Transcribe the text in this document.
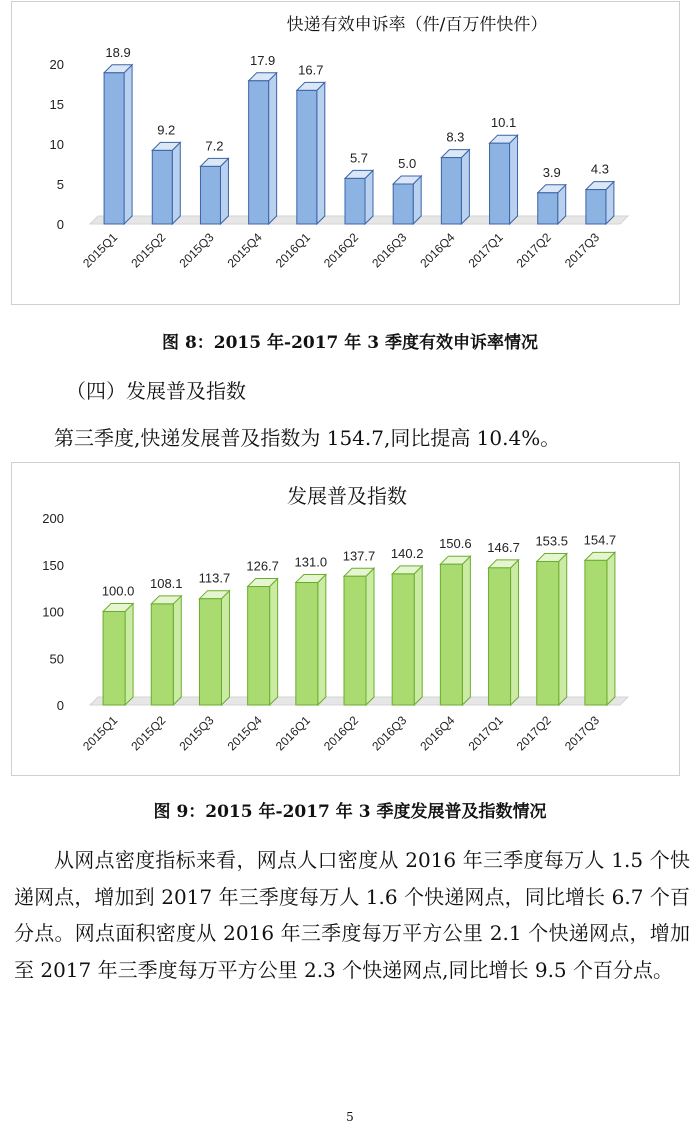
快递有效申诉率（件/百万件快件）
0
5
10
15
20
18.9
2015Q1
9.2
2015Q2
7.2
2015Q3
17.9
2015Q4
16.7
2016Q1
5.7
2016Q2
5.0
2016Q3
8.3
2016Q4
10.1
2017Q1
3.9
2017Q2
4.3
2017Q3
图 8：2015 年-2017 年 3 季度有效申诉率情况
（四）发展普及指数
第三季度,快递发展普及指数为 154.7,同比提高 10.4%。
发展普及指数
0
50
100
150
200
100.0
2015Q1
108.1
2015Q2
113.7
2015Q3
126.7
2015Q4
131.0
2016Q1
137.7
2016Q2
140.2
2016Q3
150.6
2016Q4
146.7
2017Q1
153.5
2017Q2
154.7
2017Q3
图 9：2015 年-2017 年 3 季度发展普及指数情况
从网点密度指标来看，网点人口密度从 2016 年三季度每万人 1.5 个快递网点，增加到 2017 年三季度每万人 1.6 个快递网点，同比增长 6.7 个百分点。网点面积密度从 2016 年三季度每万平方公里 2.1 个快递网点，增加至 2017 年三季度每万平方公里 2.3 个快递网点,同比增长 9.5 个百分点。
5
